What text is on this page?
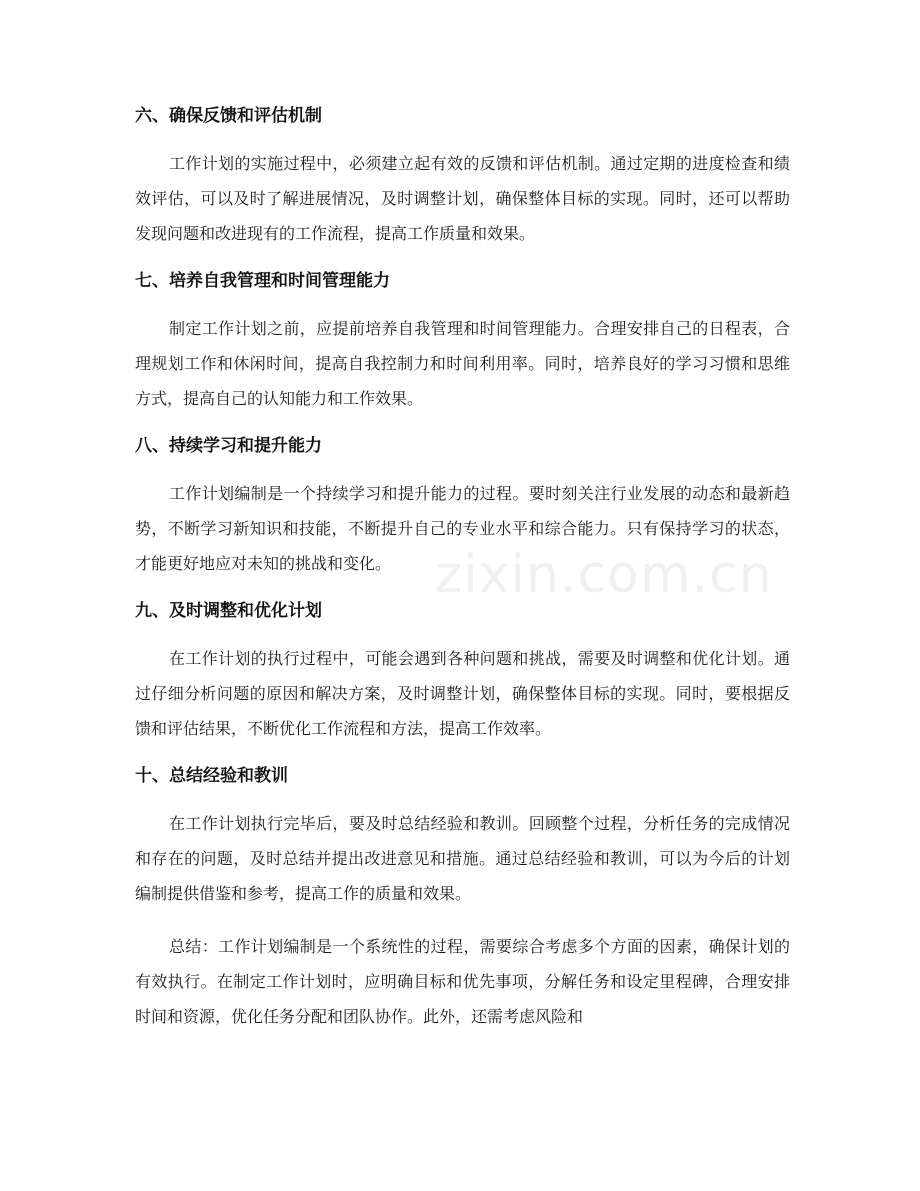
zixin.com.cn
六、确保反馈和评估机制

工作计划的实施过程中，必须建立起有效的反馈和评估机制。通过定期的进度检查和绩效评估，可以及时了解进展情况，及时调整计划，确保整体目标的实现。同时，还可以帮助发现问题和改进现有的工作流程，提高工作质量和效果。

七、培养自我管理和时间管理能力

制定工作计划之前，应提前培养自我管理和时间管理能力。合理安排自己的日程表，合理规划工作和休闲时间，提高自我控制力和时间利用率。同时，培养良好的学习习惯和思维方式，提高自己的认知能力和工作效果。

八、持续学习和提升能力

工作计划编制是一个持续学习和提升能力的过程。要时刻关注行业发展的动态和最新趋势，不断学习新知识和技能，不断提升自己的专业水平和综合能力。只有保持学习的状态，才能更好地应对未知的挑战和变化。

九、及时调整和优化计划

在工作计划的执行过程中，可能会遇到各种问题和挑战，需要及时调整和优化计划。通过仔细分析问题的原因和解决方案，及时调整计划，确保整体目标的实现。同时，要根据反馈和评估结果，不断优化工作流程和方法，提高工作效率。

十、总结经验和教训

在工作计划执行完毕后，要及时总结经验和教训。回顾整个过程，分析任务的完成情况和存在的问题，及时总结并提出改进意见和措施。通过总结经验和教训，可以为今后的计划编制提供借鉴和参考，提高工作的质量和效果。

总结：工作计划编制是一个系统性的过程，需要综合考虑多个方面的因素，确保计划的有效执行。在制定工作计划时，应明确目标和优先事项，分解任务和设定里程碑，合理安排时间和资源，优化任务分配和团队协作。此外，还需考虑风险和
